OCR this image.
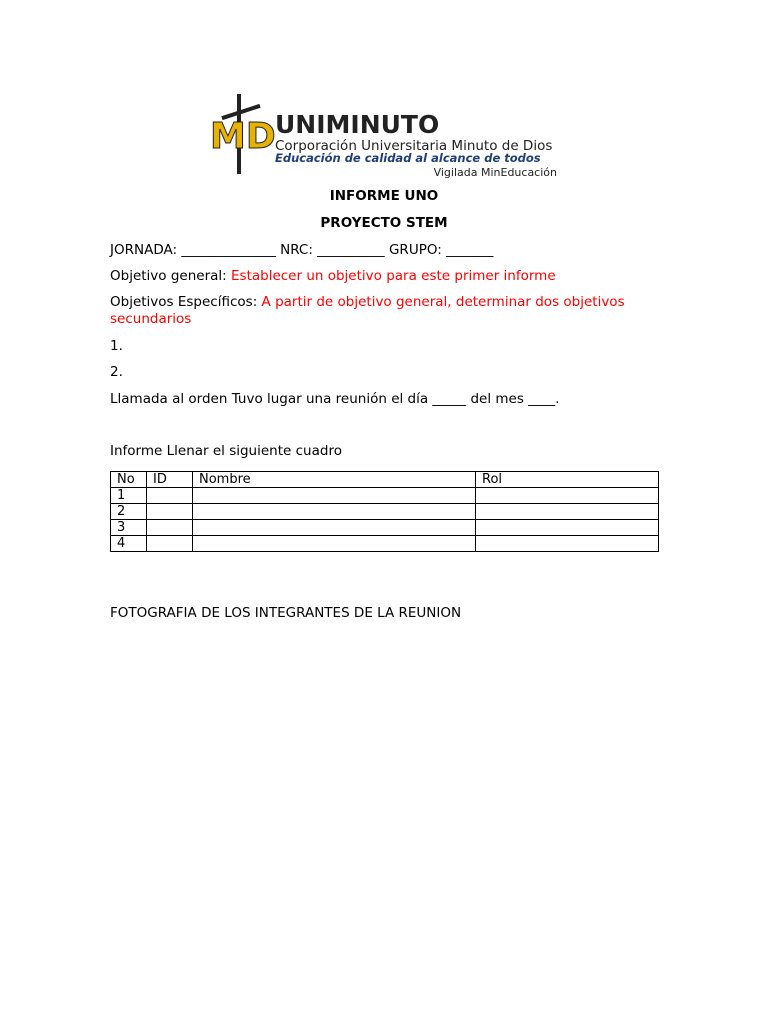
MD UNIMINUTO
Corporación Universitaria Minuto de Dios
Educación de calidad al alcance de todos
Vigilada MinEducación
INFORME UNO
PROYECTO STEM
JORNADA: ______________ NRC: __________ GRUPO: _______
Objetivo general: Establecer un objetivo para este primer informe
Objetivos Específicos: A partir de objetivo general, determinar dos objetivos secundarios
1.
2.
Llamada al orden Tuvo lugar una reunión el día _____ del mes ____.
Informe Llenar el siguiente cuadro
No	ID	Nombre	Rol
1			
2			
3			
4			
FOTOGRAFIA DE LOS INTEGRANTES DE LA REUNION
